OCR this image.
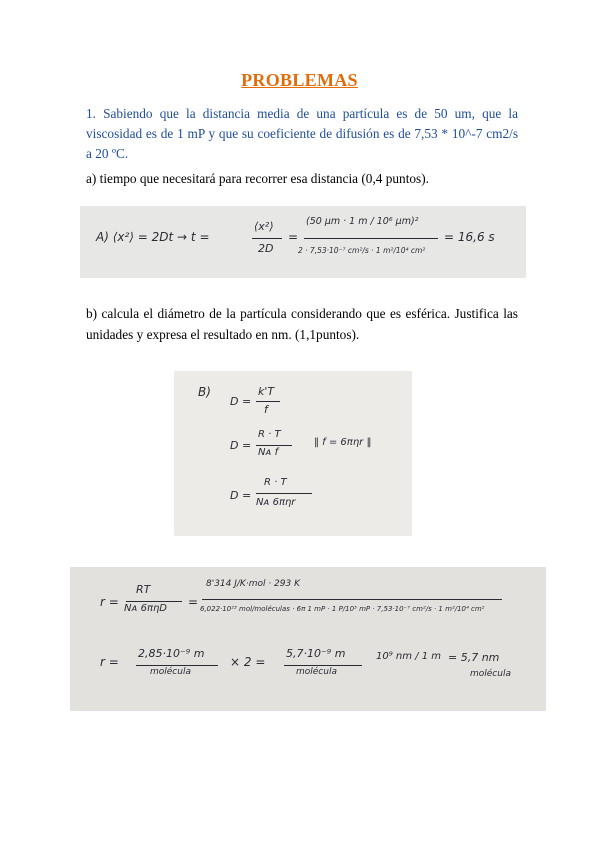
PROBLEMAS
1. Sabiendo que la distancia media de una partícula es de 50 um, que la viscosidad es de 1 mP y que su coeficiente de difusión es de 7,53 * 10^-7 cm2/s a 20 ºC.
a) tiempo que necesitará para recorrer esa distancia (0,4 puntos).
A) ⟨x²⟩ = 2Dt → t =
⟨x²⟩
2D
=
(50 µm · 1 m / 10⁶ µm)²
2 · 7,53·10⁻⁷ cm²/s · 1 m²/10⁴ cm²
= 16,6 s
b) calcula el diámetro de la partícula considerando que es esférica. Justifica las unidades y expresa el resultado en nm. (1,1puntos).
B)
D =
k'T
f
D =
R · T
Nᴀ f
‖ f = 6πηr ‖
D =
R · T
Nᴀ 6πηr
r =
RT
Nᴀ 6πηD =
8'314 J/K·mol · 293 K
6,022·10²³ mol/moléculas · 6π 1 mP · 1 P/10³ mP · 7,53·10⁻⁷ cm²/s · 1 m²/10⁴ cm²
r =
2,85·10⁻⁹ m
molécula
× 2 =
5,7·10⁻⁹ m
molécula
10⁹ nm / 1 m = 5,7 nm
molécula
